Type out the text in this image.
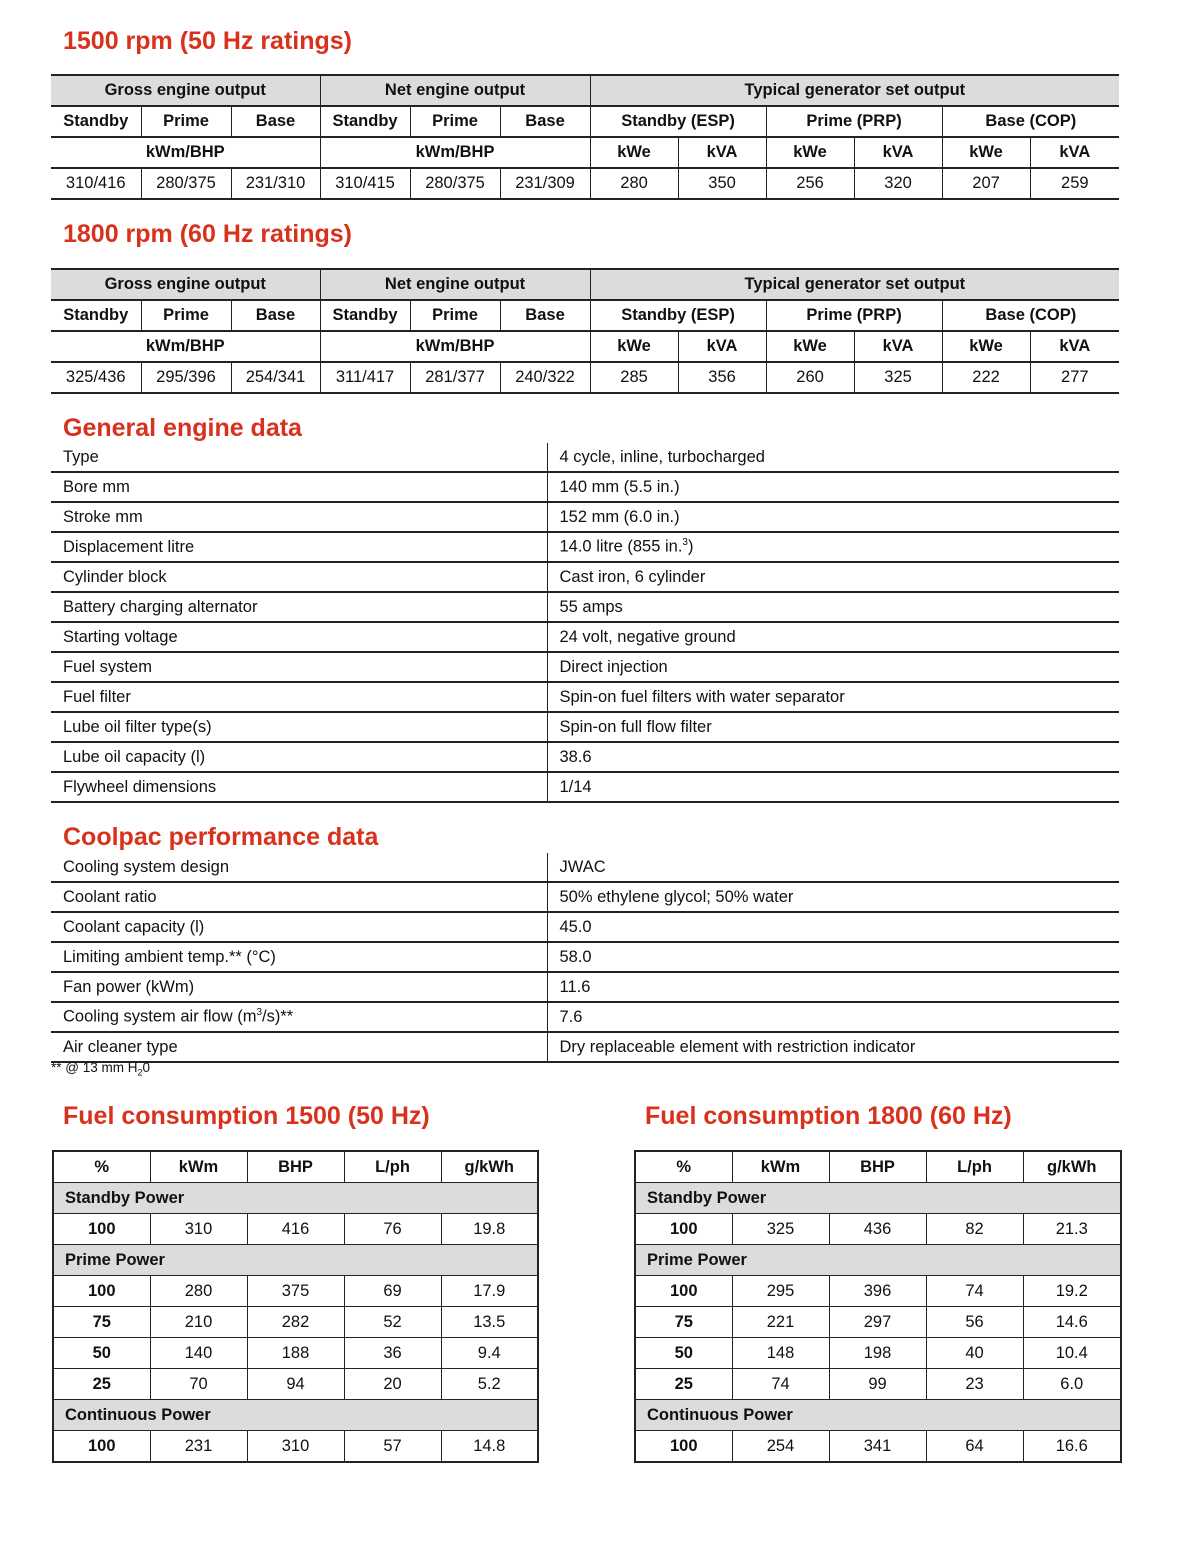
1500 rpm (50 Hz ratings)
Gross engine output			Net engine output			Typical generator set output					
Standby	Prime	Base	Standby	Prime	Base	Standby (ESP)		Prime (PRP)		Base (COP)	
kWm/BHP			kWm/BHP			kWe	kVA	kWe	kVA	kWe	kVA
310/416	280/375	231/310	310/415	280/375	231/309	280	350	256	320	207	259
1800 rpm (60 Hz ratings)
Gross engine output			Net engine output			Typical generator set output					
Standby	Prime	Base	Standby	Prime	Base	Standby (ESP)		Prime (PRP)		Base (COP)	
kWm/BHP			kWm/BHP			kWe	kVA	kWe	kVA	kWe	kVA
325/436	295/396	254/341	311/417	281/377	240/322	285	356	260	325	222	277
General engine data
Type	4 cycle, inline, turbocharged
Bore mm	140 mm (5.5 in.)
Stroke mm	152 mm (6.0 in.)
Displacement litre	14.0 litre (855 in.$^3$)
Cylinder block	Cast iron, 6 cylinder
Battery charging alternator	55 amps
Starting voltage	24 volt, negative ground
Fuel system	Direct injection
Fuel filter	Spin-on fuel filters with water separator
Lube oil filter type(s)	Spin-on full flow filter
Lube oil capacity (l)	38.6
Flywheel dimensions	1/14
Coolpac performance data
Cooling system design	JWAC
Coolant ratio	50% ethylene glycol; 50% water
Coolant capacity (l)	45.0
Limiting ambient temp.** (°C)	58.0
Fan power (kWm)	11.6
Cooling system air flow $(m^3/s)**$	7.6
Air cleaner type	Dry replaceable element with restriction indicator

** @ 13 mm $H_20$

Fuel consumption 1500 (50 Hz)
%	kWm	BHP	L/ph	g/kWh
Standby Power				
100	310	416	76	19.8
Prime Power				
100	280	375	69	17.9
75	210	282	52	13.5
50	140	188	36	9.4
25	70	94	20	5.2
Continuous Power				
100	231	310	57	14.8
Fuel consumption 1800 (60 Hz)
%	kWm	BHP	L/ph	g/kWh
Standby Power				
100	325	436	82	21.3
Prime Power				
100	295	396	74	19.2
75	221	297	56	14.6
50	148	198	40	10.4
25	74	99	23	6.0
Continuous Power				
100	254	341	64	16.6
